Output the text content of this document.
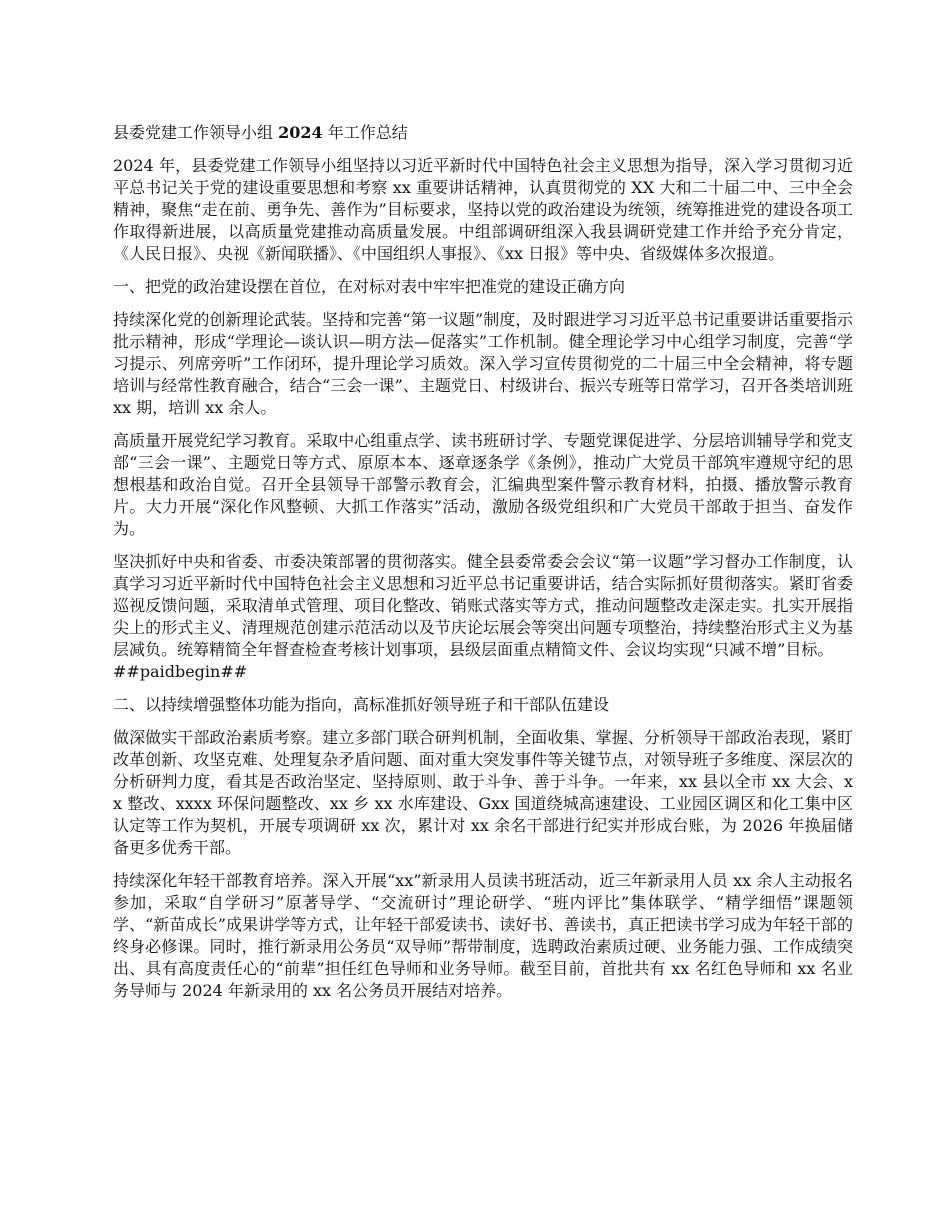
县委党建工作领导小组 2024 年工作总结

2024 年，县委党建工作领导小组坚持以习近平新时代中国特色社会主义思想为指导，深入学习贯彻习近平总书记关于党的建设重要思想和考察 xx 重要讲话精神，认真贯彻党的 XX 大和二十届二中、三中全会精神，聚焦“走在前、勇争先、善作为”目标要求，坚持以党的政治建设为统领，统筹推进党的建设各项工作取得新进展，以高质量党建推动高质量发展。中组部调研组深入我县调研党建工作并给予充分肯定，《人民日报》、央视《新闻联播》、《中国组织人事报》、《xx 日报》等中央、省级媒体多次报道。

一、把党的政治建设摆在首位，在对标对表中牢牢把准党的建设正确方向

持续深化党的创新理论武装。坚持和完善“第一议题”制度，及时跟进学习习近平总书记重要讲话重要指示批示精神，形成“学理论—谈认识—明方法—促落实”工作机制。健全理论学习中心组学习制度，完善“学习提示、列席旁听”工作闭环，提升理论学习质效。深入学习宣传贯彻党的二十届三中全会精神，将专题培训与经常性教育融合，结合“三会一课”、主题党日、村级讲台、振兴专班等日常学习，召开各类培训班 xx 期，培训 xx 余人。

高质量开展党纪学习教育。采取中心组重点学、读书班研讨学、专题党课促进学、分层培训辅导学和党支部“三会一课”、主题党日等方式、原原本本、逐章逐条学《条例》，推动广大党员干部筑牢遵规守纪的思想根基和政治自觉。召开全县领导干部警示教育会，汇编典型案件警示教育材料，拍摄、播放警示教育片。大力开展“深化作风整顿、大抓工作落实”活动，激励各级党组织和广大党员干部敢于担当、奋发作为。

坚决抓好中央和省委、市委决策部署的贯彻落实。健全县委常委会会议“第一议题”学习督办工作制度，认真学习习近平新时代中国特色社会主义思想和习近平总书记重要讲话，结合实际抓好贯彻落实。紧盯省委巡视反馈问题，采取清单式管理、项目化整改、销账式落实等方式，推动问题整改走深走实。扎实开展指尖上的形式主义、清理规范创建示范活动以及节庆论坛展会等突出问题专项整治，持续整治形式主义为基层减负。统筹精简全年督查检查考核计划事项，县级层面重点精简文件、会议均实现“只减不增”目标。

##paidbegin##
二、以持续增强整体功能为指向，高标准抓好领导班子和干部队伍建设

做深做实干部政治素质考察。建立多部门联合研判机制，全面收集、掌握、分析领导干部政治表现，紧盯改革创新、攻坚克难、处理复杂矛盾问题、面对重大突发事件等关键节点，对领导班子多维度、深层次的分析研判力度，看其是否政治坚定、坚持原则、敢于斗争、善于斗争。一年来，xx 县以全市 xx 大会、xx 整改、xxxx 环保问题整改、xx 乡 xx 水库建设、Gxx 国道绕城高速建设、工业园区调区和化工集中区认定等工作为契机，开展专项调研 xx 次，累计对 xx 余名干部进行纪实并形成台账，为 2026 年换届储备更多优秀干部。

持续深化年轻干部教育培养。深入开展“xx”新录用人员读书班活动，近三年新录用人员 xx 余人主动报名参加，采取“自学研习”原著导学、“交流研讨”理论研学、“班内评比”集体联学、“精学细悟”课题领学、“新苗成长”成果讲学等方式，让年轻干部爱读书、读好书、善读书，真正把读书学习成为年轻干部的终身必修课。同时，推行新录用公务员“双导师”帮带制度，选聘政治素质过硬、业务能力强、工作成绩突出、具有高度责任心的“前辈”担任红色导师和业务导师。截至目前，首批共有 xx 名红色导师和 xx 名业务导师与 2024 年新录用的 xx 名公务员开展结对培养。
